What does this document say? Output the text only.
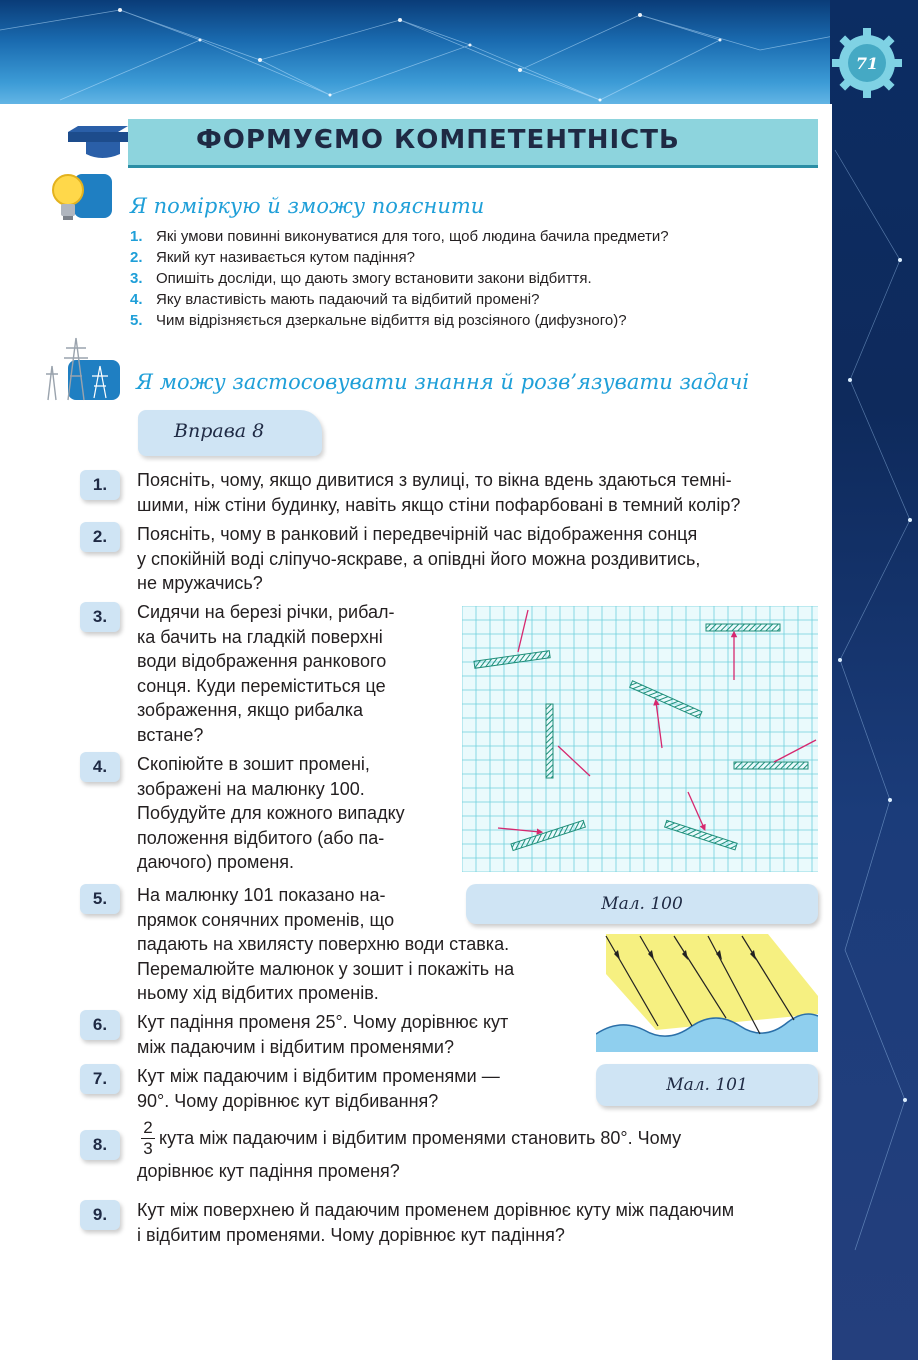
71
ФОРМУЄМО КОМПЕТЕНТНІСТЬ
Я поміркую й зможу пояснити
1. Які умови повинні виконуватися для того, щоб людина бачила предмети?
2. Який кут називається кутом падіння?
3. Опишіть досліди, що дають змогу встановити закони відбиття.
4. Яку властивість мають падаючий та відбитий промені?
5. Чим відрізняється дзеркальне відбиття від розсіяного (дифузного)?
Я можу застосовувати знання й розв’язувати задачі
Вправа 8
1.
2.
3.
4.
5.
6.
7.
8.
9.
Поясніть, чому, якщо дивитися з вулиці, то вікна вдень здаються темні-
шими, ніж стіни будинку, навіть якщо стіни пофарбовані в темний колір?
Поясніть, чому в ранковий і передвечірній час відображення сонця
у спокійній воді сліпучо-яскраве, а опівдні його можна роздивитись,
не мружачись?
Сидячи на березі річки, рибал-
ка бачить на гладкій поверхні
води відображення ранкового
сонця. Куди переміститься це
зображення, якщо рибалка
встане?
Скопіюйте в зошит промені,
зображені на малюнку 100.
Побудуйте для кожного випадку
положення відбитого (або па-
даючого) променя.
На малюнку 101 показано на-
прямок сонячних променів, що
падають на хвилясту поверхню води ставка.
Перемалюйте малюнок у зошит і покажіть на
ньому хід відбитих променів.
Кут падіння променя 25°. Чому дорівнює кут
між падаючим і відбитим променями?
Кут між падаючим і відбитим променями —
90°. Чому дорівнює кут відбивання?
$\frac{2}{3}$ кута між падаючим і відбитим променями становить 80°. Чому
дорівнює кут падіння променя?
Кут між поверхнею й падаючим променем дорівнює куту між падаючим
і відбитим променями. Чому дорівнює кут падіння?
Мал. 100
Мал. 101
